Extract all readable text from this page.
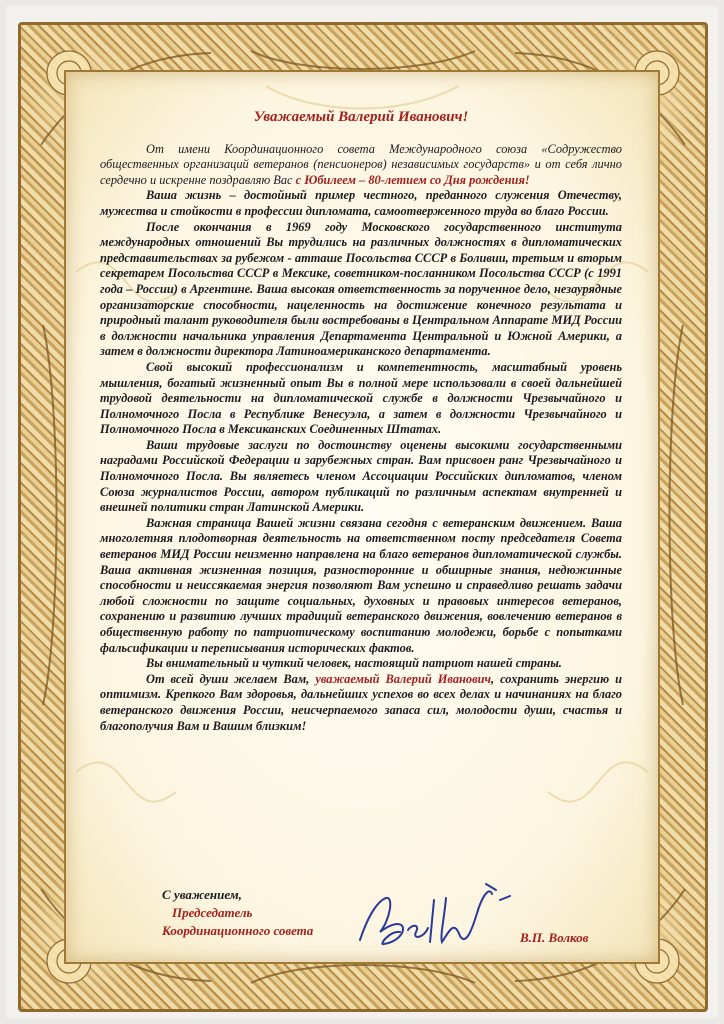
Уважаемый Валерий Иванович!

От имени Координационного совета Международного союза «Содружество общественных организаций ветеранов (пенсионеров) независимых государств» и от себя лично сердечно и искренне поздравляю Вас с Юбилеем – 80-летием со Дня рождения!

Ваша жизнь – достойный пример честного, преданного служения Отечеству, мужества и стойкости в профессии дипломата, самоотверженного труда во благо России.

После окончания в 1969 году Московского государственного института международных отношений Вы трудились на различных должностях в дипломатических представительствах за рубежом - атташе Посольства СССР в Боливии, третьим и вторым секретарем Посольства СССР в Мексике, советником-посланником Посольства СССР (с 1991 года – России) в Аргентине. Ваша высокая ответственность за порученное дело, незаурядные организаторские способности, нацеленность на достижение конечного результата и природный талант руководителя были востребованы в Центральном Аппарате МИД России в должности начальника управления Департамента Центральной и Южной Америки, а затем в должности директора Латиноамериканского департамента.

Свой высокий профессионализм и компетентность, масштабный уровень мышления, богатый жизненный опыт Вы в полной мере использовали в своей дальнейшей трудовой деятельности на дипломатической службе в должности Чрезвычайного и Полномочного Посла в Республике Венесуэла, а затем в должности Чрезвычайного и Полномочного Посла в Мексиканских Соединенных Штатах.

Ваши трудовые заслуги по достоинству оценены высокими государственными наградами Российской Федерации и зарубежных стран. Вам присвоен ранг Чрезвычайного и Полномочного Посла. Вы являетесь членом Ассоциации Российских дипломатов, членом Союза журналистов России, автором публикаций по различным аспектам внутренней и внешней политики стран Латинской Америки.

Важная страница Вашей жизни связана сегодня с ветеранским движением. Ваша многолетняя плодотворная деятельность на ответственном посту председателя Совета ветеранов МИД России неизменно направлена на благо ветеранов дипломатической службы. Ваша активная жизненная позиция, разносторонние и обширные знания, недюжинные способности и неиссякаемая энергия позволяют Вам успешно и справедливо решать задачи любой сложности по защите социальных, духовных и правовых интересов ветеранов, сохранению и развитию лучших традиций ветеранского движения, вовлечению ветеранов в общественную работу по патриотическому воспитанию молодежи, борьбе с попытками фальсификации и переписывания исторических фактов.

Вы внимательный и чуткий человек, настоящий патриот нашей страны.

От всей души желаем Вам, уважаемый Валерий Иванович, сохранить энергию и оптимизм. Крепкого Вам здоровья, дальнейших успехов во всех делах и начинаниях на благо ветеранского движения России, неисчерпаемого запаса сил, молодости души, счастья и благополучия Вам и Вашим близким!

С уважением,
Председатель
Координационного совета	В.П. Волков
